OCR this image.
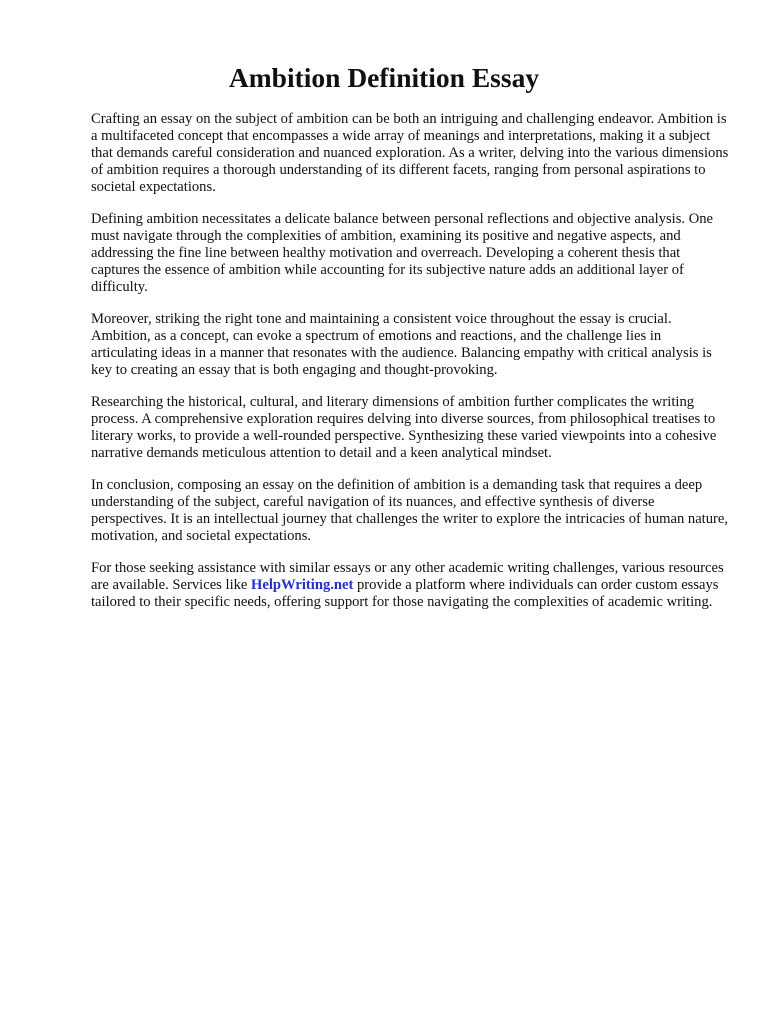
Ambition Definition Essay

Crafting an essay on the subject of ambition can be both an intriguing and challenging endeavor. Ambition is a multifaceted concept that encompasses a wide array of meanings and interpretations, making it a subject that demands careful consideration and nuanced exploration. As a writer, delving into the various dimensions of ambition requires a thorough understanding of its different facets, ranging from personal aspirations to societal expectations.

Defining ambition necessitates a delicate balance between personal reflections and objective analysis. One must navigate through the complexities of ambition, examining its positive and negative aspects, and addressing the fine line between healthy motivation and overreach. Developing a coherent thesis that captures the essence of ambition while accounting for its subjective nature adds an additional layer of difficulty.

Moreover, striking the right tone and maintaining a consistent voice throughout the essay is crucial. Ambition, as a concept, can evoke a spectrum of emotions and reactions, and the challenge lies in articulating ideas in a manner that resonates with the audience. Balancing empathy with critical analysis is key to creating an essay that is both engaging and thought-provoking.

Researching the historical, cultural, and literary dimensions of ambition further complicates the writing process. A comprehensive exploration requires delving into diverse sources, from philosophical treatises to literary works, to provide a well-rounded perspective. Synthesizing these varied viewpoints into a cohesive narrative demands meticulous attention to detail and a keen analytical mindset.

In conclusion, composing an essay on the definition of ambition is a demanding task that requires a deep understanding of the subject, careful navigation of its nuances, and effective synthesis of diverse perspectives. It is an intellectual journey that challenges the writer to explore the intricacies of human nature, motivation, and societal expectations.

For those seeking assistance with similar essays or any other academic writing challenges, various resources are available. Services like HelpWriting.net provide a platform where individuals can order custom essays tailored to their specific needs, offering support for those navigating the complexities of academic writing.
